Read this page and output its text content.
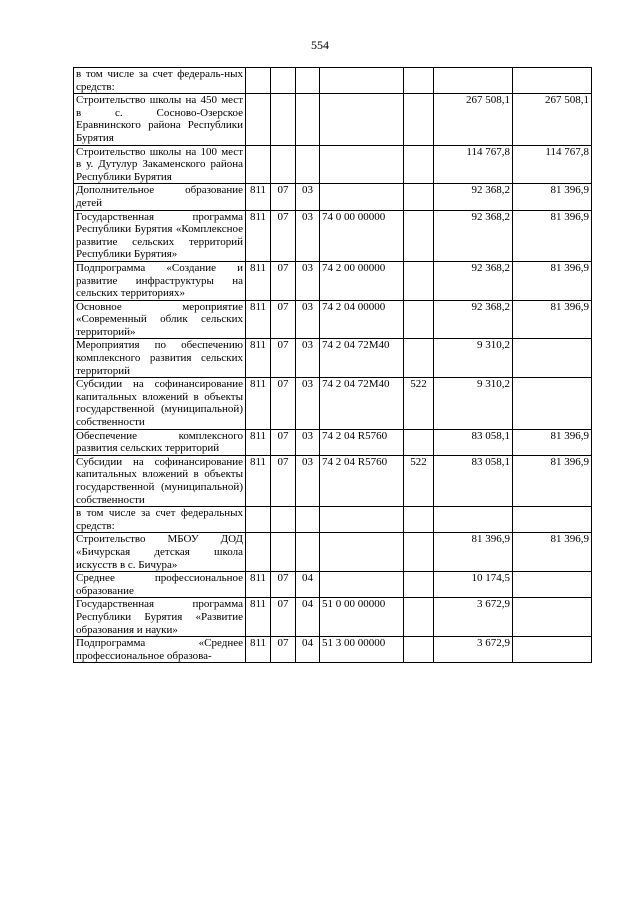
554
в том числе за счет федераль-ных средств:							
Строительство школы на 450 мест в с. Сосново-Озерское Еравнинского района Республики Бурятия						267 508,1	267 508,1
Строительство школы на 100 мест в у. Дутулур Закаменского района Республики Бурятия						114 767,8	114 767,8
Дополнительное образование детей	811	07	03			92 368,2	81 396,9
Государственная программа Республики Бурятия «Комплексное развитие сельских территорий Республики Бурятия»	811	07	03	74 0 00 00000		92 368,2	81 396,9
Подпрограмма «Создание и развитие инфраструктуры на сельских территориях»	811	07	03	74 2 00 00000		92 368,2	81 396,9
Основное мероприятие «Современный облик сельских территорий»	811	07	03	74 2 04 00000		92 368,2	81 396,9
Мероприятия по обеспечению комплексного развития сельских территорий	811	07	03	74 2 04 72M40		9 310,2	
Субсидии на софинансирование капитальных вложений в объекты государственной (муниципальной) собственности	811	07	03	74 2 04 72M40	522	9 310,2	
Обеспечение комплексного развития сельских территорий	811	07	03	74 2 04 R5760		83 058,1	81 396,9
Субсидии на софинансирование капитальных вложений в объекты государственной (муниципальной) собственности	811	07	03	74 2 04 R5760	522	83 058,1	81 396,9
в том числе за счет федеральных средств:							
Строительство МБОУ ДОД «Бичурская детская школа искусств в с. Бичура»						81 396,9	81 396,9
Среднее профессиональное образование	811	07	04			10 174,5	
Государственная программа Республики Бурятия «Развитие образования и науки»	811	07	04	51 0 00 00000		3 672,9	
Подпрограмма «Среднее профессиональное образова-	811	07	04	51 3 00 00000		3 672,9	
